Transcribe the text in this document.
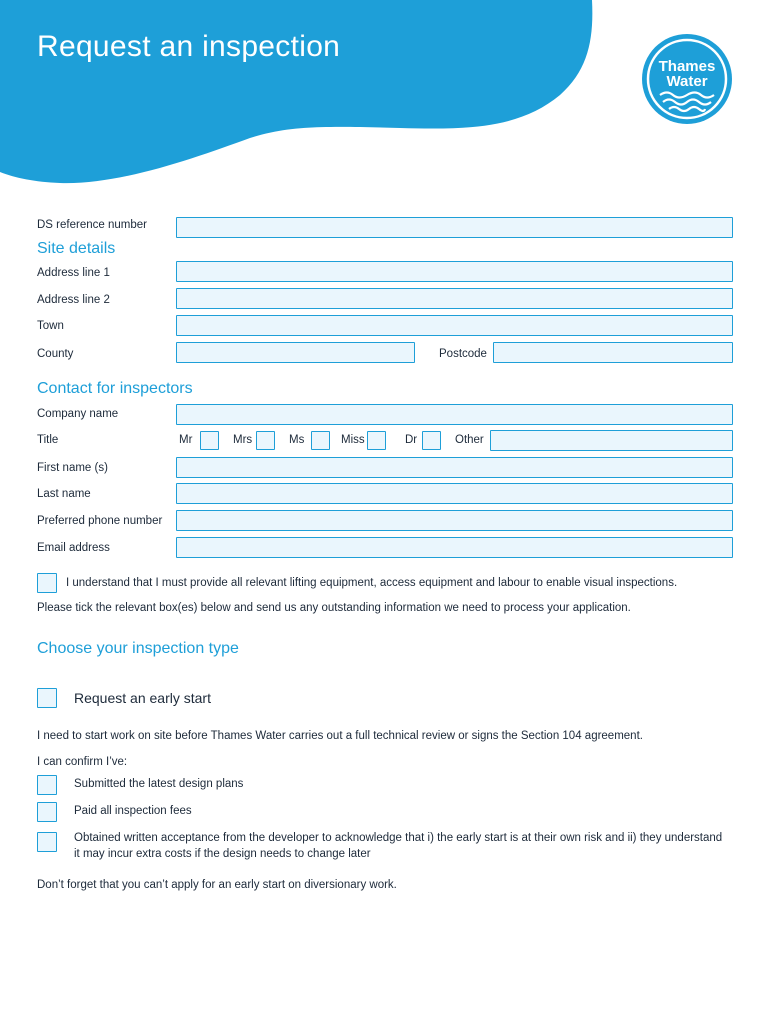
Request an inspection
Thames
Water
DS reference number
Site details
Address line 1
Address line 2
Town
County	Postcode
Contact for inspectors
Company name
Title	Mr	Mrs	Ms	Miss	Dr	Other
First name (s)
Last name
Preferred phone number
Email address
I understand that I must provide all relevant lifting equipment, access equipment and labour to enable visual inspections.
Please tick the relevant box(es) below and send us any outstanding information we need to process your application.
Choose your inspection type
Request an early start
I need to start work on site before Thames Water carries out a full technical review or signs the Section 104 agreement.
I can confirm I’ve:
Submitted the latest design plans
Paid all inspection fees
Obtained written acceptance from the developer to acknowledge that i) the early start is at their own risk and ii) they understand it may incur extra costs if the design needs to change later
Don’t forget that you can’t apply for an early start on diversionary work.
